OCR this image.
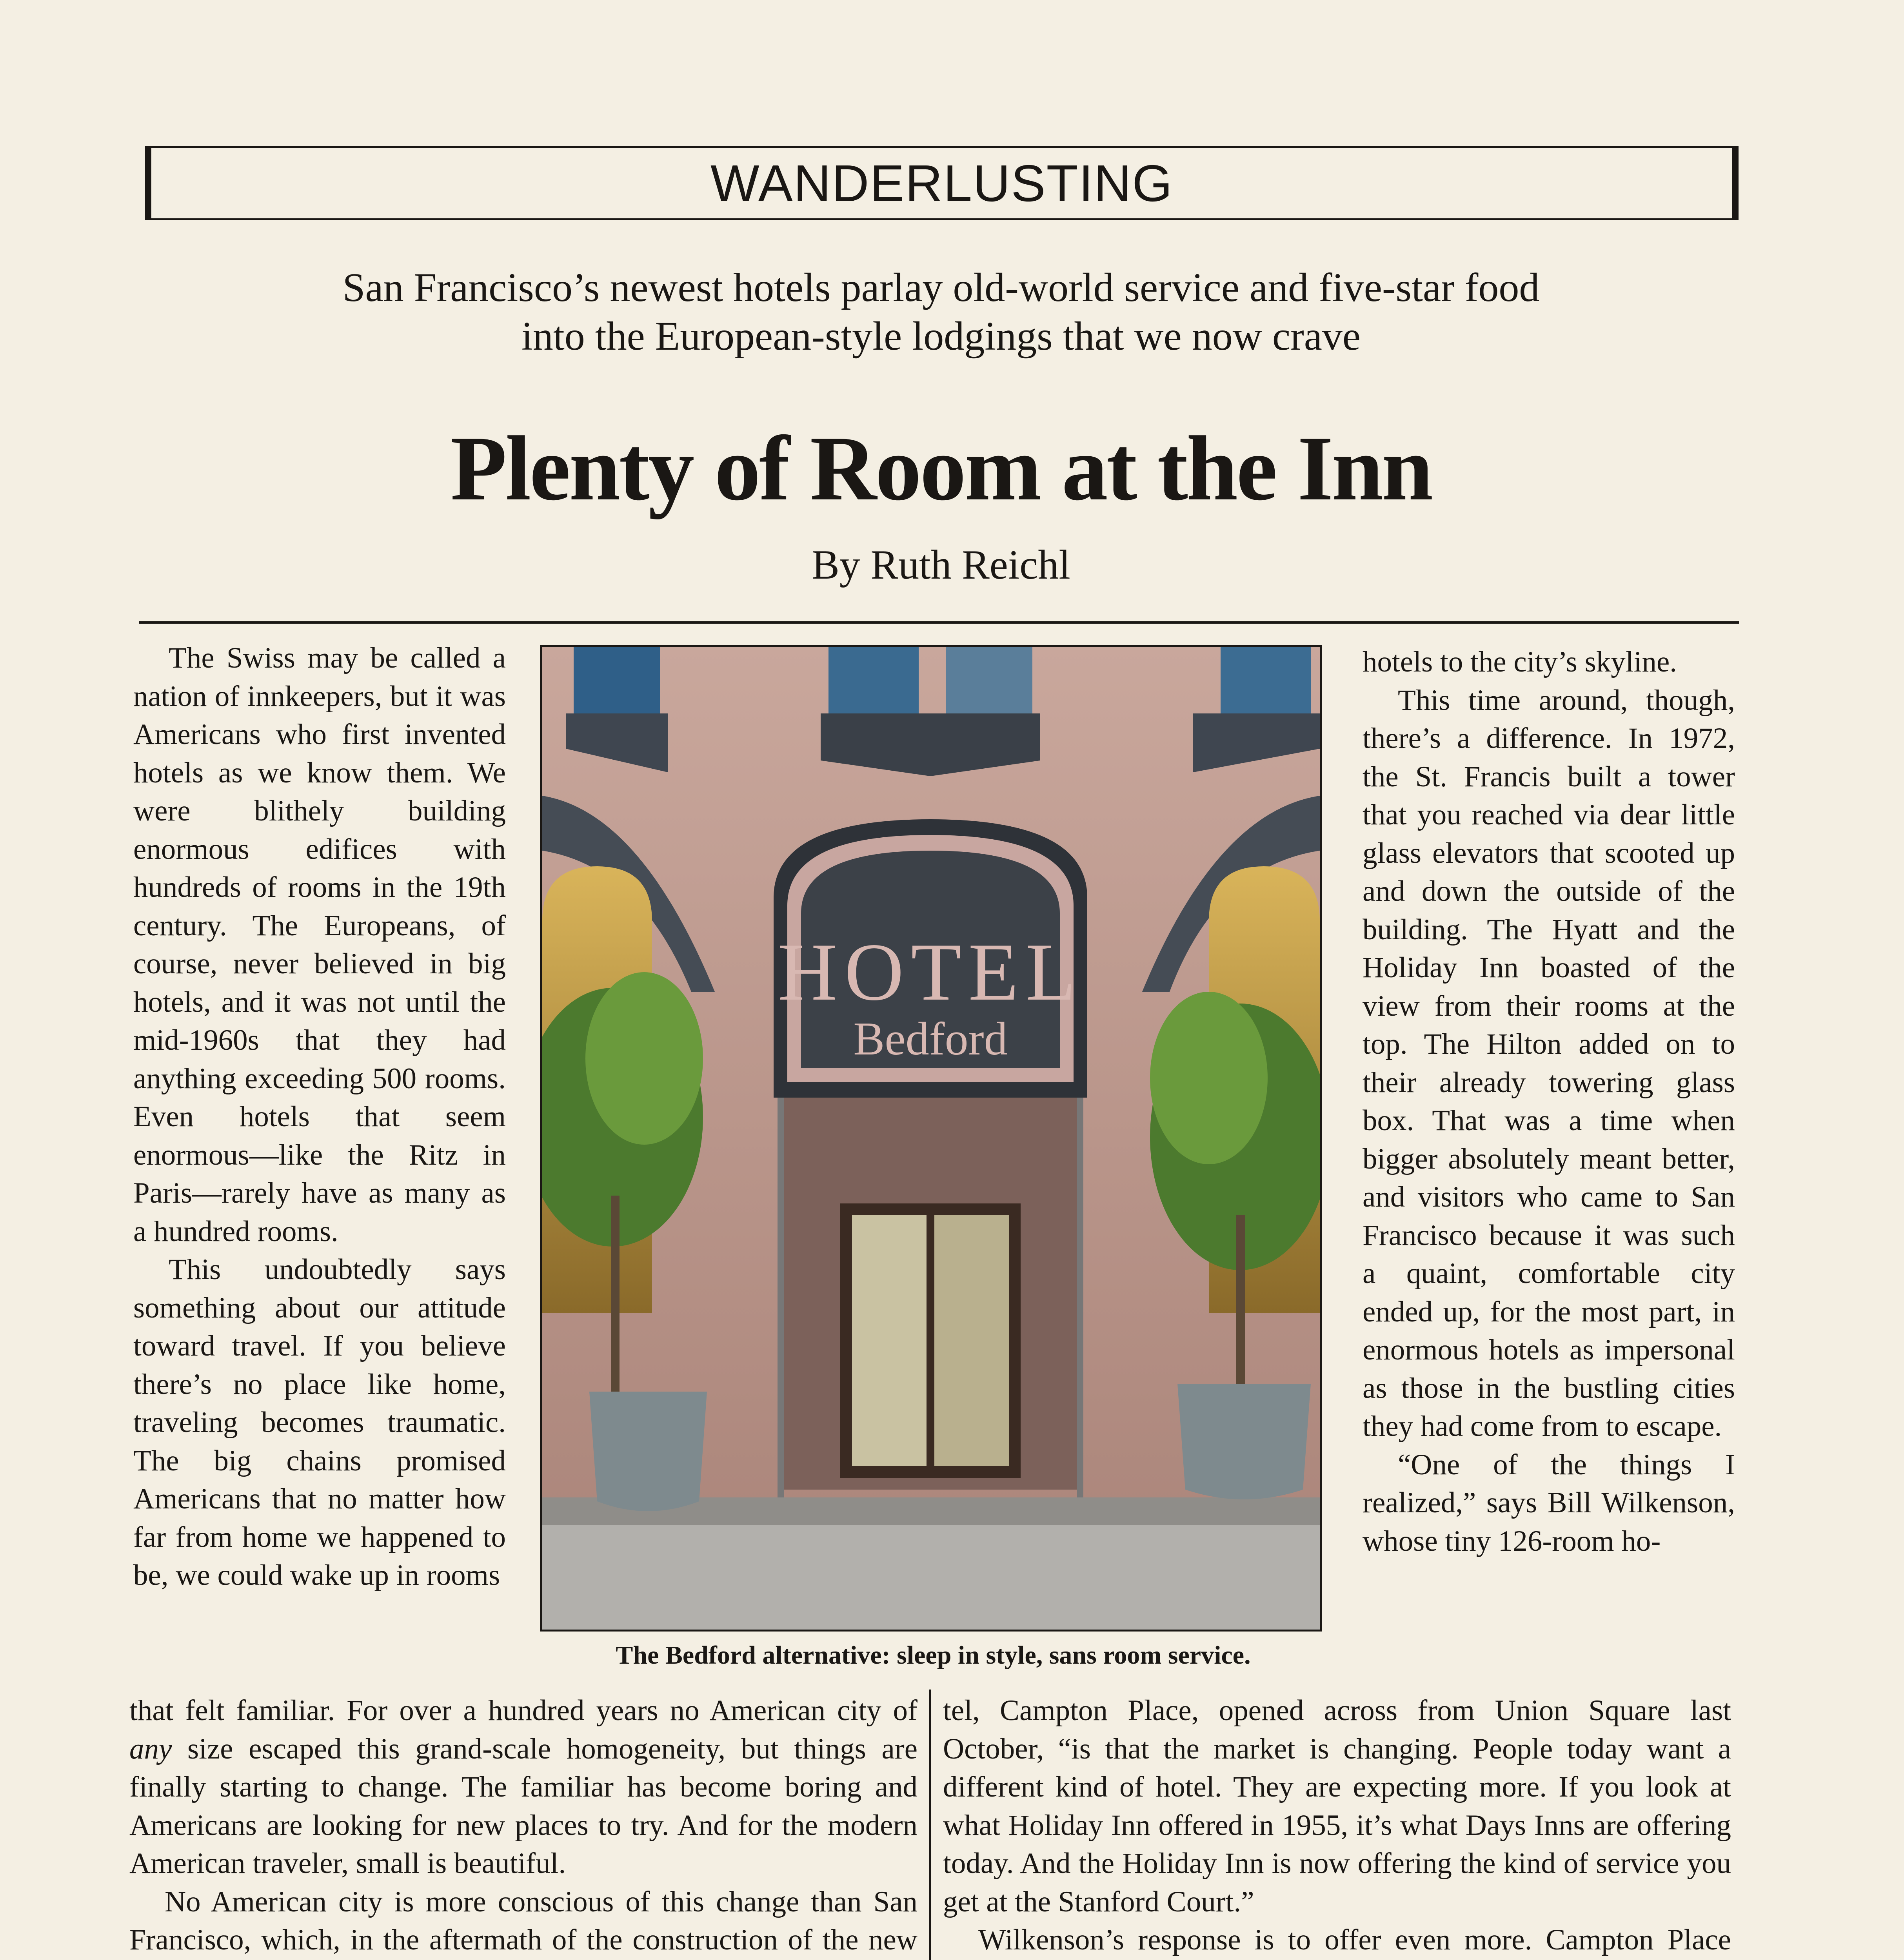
WANDERLUSTING
San Francisco’s newest hotels parlay old-world service and five-star food
into the European-style lodgings that we now crave
Plenty of Room at the Inn
By Ruth Reichl

The Swiss may be called a nation of innkeepers, but it was Americans who first invented hotels as we know them. We were blithely building enormous edifices with hundreds of rooms in the 19th century. The Europeans, of course, never believed in big hotels, and it was not until the mid-1960s that they had anything exceeding 500 rooms. Even hotels that seem enormous—like the Ritz in Paris—rarely have as many as a hundred rooms.

This undoubtedly says something about our attitude toward travel. If you believe there’s no place like home, traveling becomes traumatic. The big chains promised Americans that no matter how far from home we happened to be, we could wake up in rooms

HOTEL
Bedford
The Bedford alternative: sleep in style, sans room service.

hotels to the city’s skyline.

This time around, though, there’s a difference. In 1972, the St. Francis built a tower that you reached via dear little glass elevators that scooted up and down the outside of the building. The Hyatt and the Holiday Inn boasted of the view from their rooms at the top. The Hilton added on to their already towering glass box. That was a time when bigger absolutely meant better, and visitors who came to San Francisco because it was such a quaint, comfortable city ended up, for the most part, in enormous hotels as impersonal as those in the bustling cities they had come from to escape.

“One of the things I realized,” says Bill Wilkenson, whose tiny 126-room ho-

that felt familiar. For over a hundred years no American city of any size escaped this grand-scale homogeneity, but things are finally starting to change. The familiar has become boring and Americans are looking for new places to try. And for the modern American traveler, small is beautiful.

No American city is more conscious of this change than San Francisco, which, in the aftermath of the construction of the new

tel, Campton Place, opened across from Union Square last October, “is that the market is changing. People today want a different kind of hotel. They are expecting more. If you look at what Holiday Inn offered in 1955, it’s what Days Inns are offering today. And the Holiday Inn is now offering the kind of service you get at the Stanford Court.”

Wilkenson’s response is to offer even more. Campton Place
